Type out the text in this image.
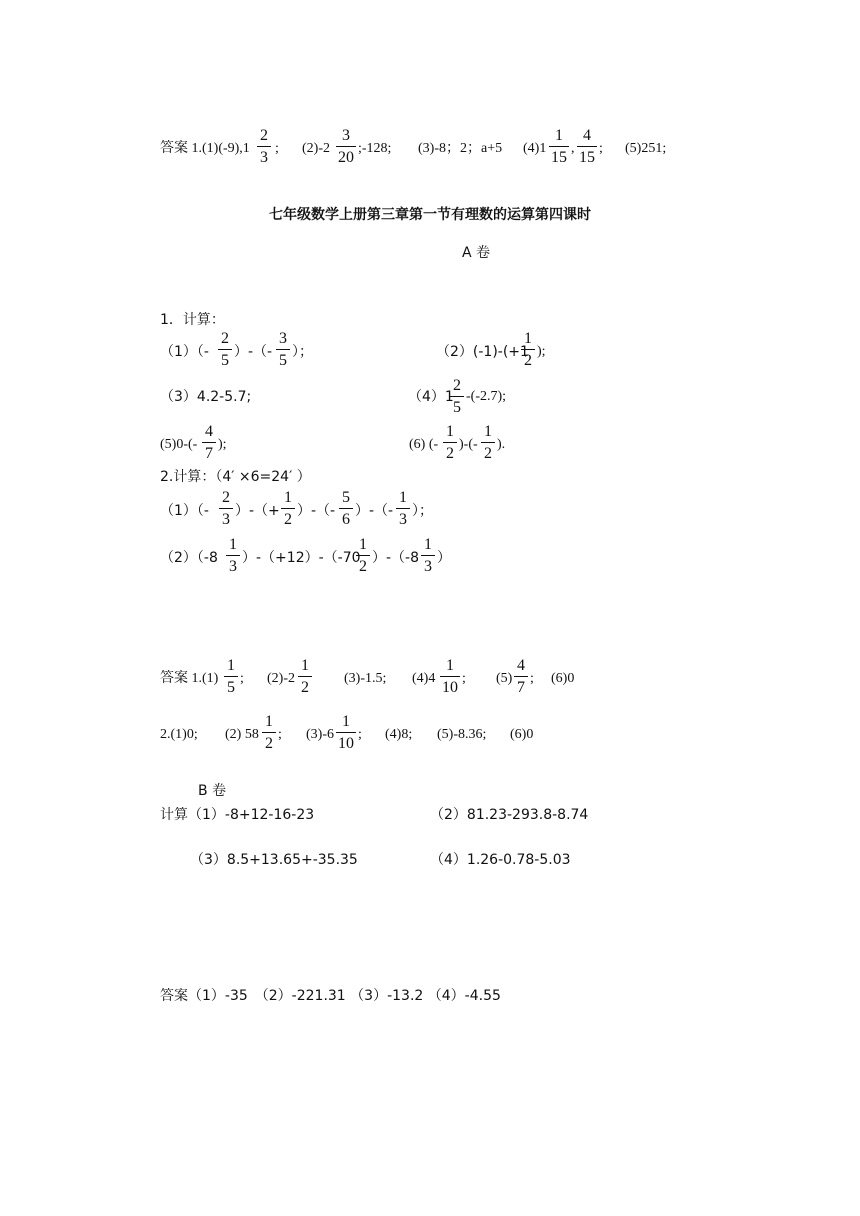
答案 $1.(1)(-9),1 \frac{2}{3}$ ; $(2)-2 \frac{3}{20}$ ;-128; (3)-8；2；a+5 $(4)1 \frac{1}{15}$ , $\frac{4}{15}$ ; (5)251;
七年级数学上册第三章第一节有理数的运算第四课时
A 卷
1．计算：
$(1)(- \frac{2}{5}$ ）-（- $\frac{3}{5}$ ）；	（2）(-1)-(+1
$\frac{1}{2}$ );
（3）4.2-5.7;	（4）1
$\frac{2}{5} -(-2.7)$;
$(5)0-(- \frac{4}{7}$ );	(6) (- $\frac{1}{2}$ )-(- $\frac{1}{2}$ ).
2.计算：（4′ ×6=24′ ）
$(1)(- \frac{2}{3}$ ）-（+ $\frac{1}{2}$ ）-（- $\frac{5}{6}$ ）-（- $\frac{1}{3}$ ）；
$(2)(-8 \frac{1}{3} )-(+12)-(-70$
$\frac{1}{2} )-(-8 \frac{1}{3}$ ）
答案 $1.(1) \frac{1}{5}$ ; $(2)-2 \frac{1}{2} (3)-1.5$; $(4)4 \frac{1}{10}$ ; $(5) \frac{4}{7}$ ; (6)0
2.(1)0; (2) $58 \frac{1}{2}$ ; $(3)-6 \frac{1}{10}$ ; (4)8; (5)-8.36; (6)0
B 卷
计算（1）-8+12-16-23	（2）81.23-293.8-8.74
（3）8.5+13.65+-35.35	（4）1.26-0.78-5.03
答案（1）-35　（2）-221.31 （3）-13.2 （4）-4.55
